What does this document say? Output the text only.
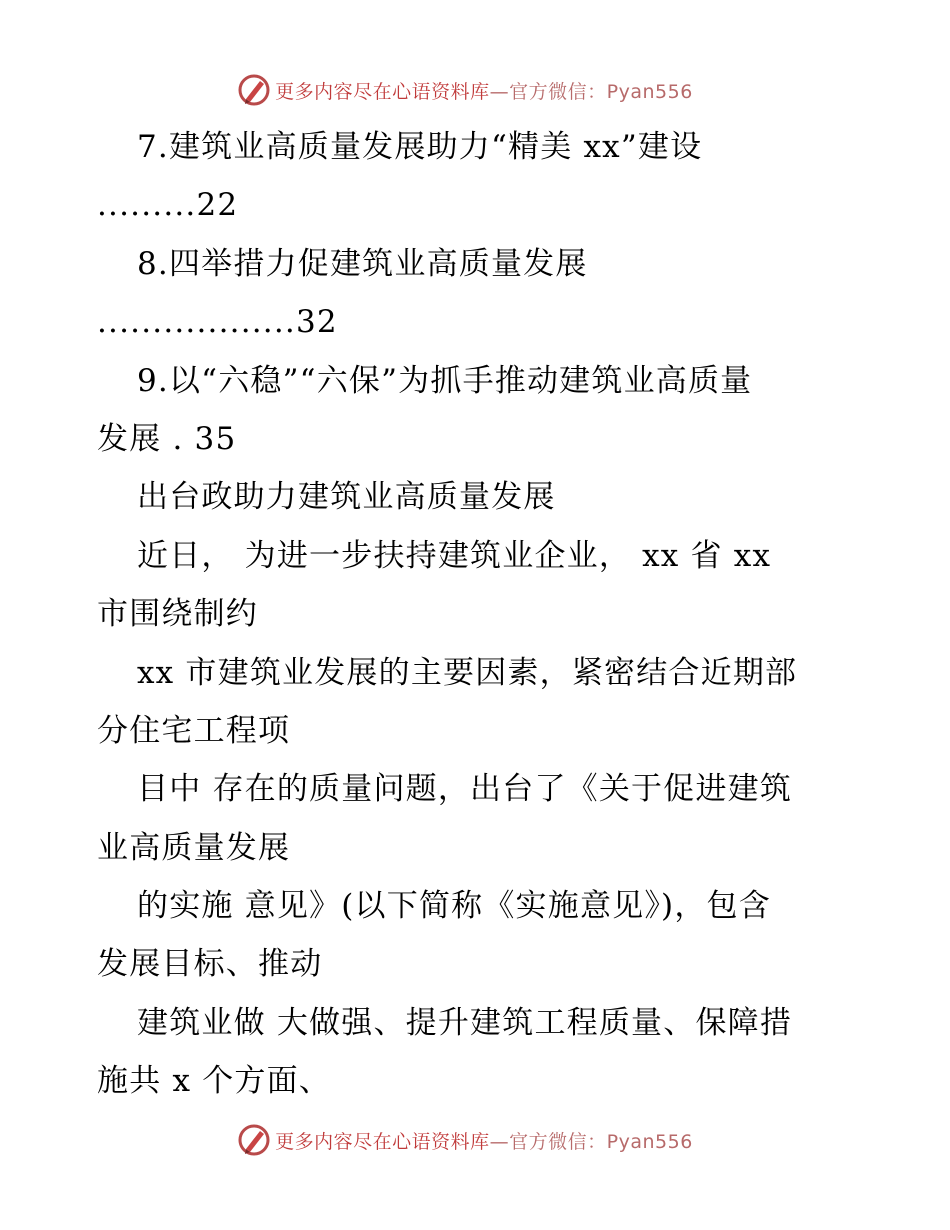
更多内容尽在心语资料库—官方微信：Pyan556
7.建筑业高质量发展助力“精美 xx”建设
.........22
8.四举措力促建筑业高质量发展
..................32
9.以“六稳”“六保”为抓手推动建筑业高质量
发展 . 35
出台政助力建筑业高质量发展
近日， 为进一步扶持建筑业企业， xx 省 xx
市围绕制约
xx 市建筑业发展的主要因素，紧密结合近期部
分住宅工程项
目中 存在的质量问题，出台了《关于促进建筑
业高质量发展
的实施 意见》(以下简称《实施意见》)，包含
发展目标、推动
建筑业做 大做强、提升建筑工程质量、保障措
施共 x 个方面、
更多内容尽在心语资料库—官方微信：Pyan556
